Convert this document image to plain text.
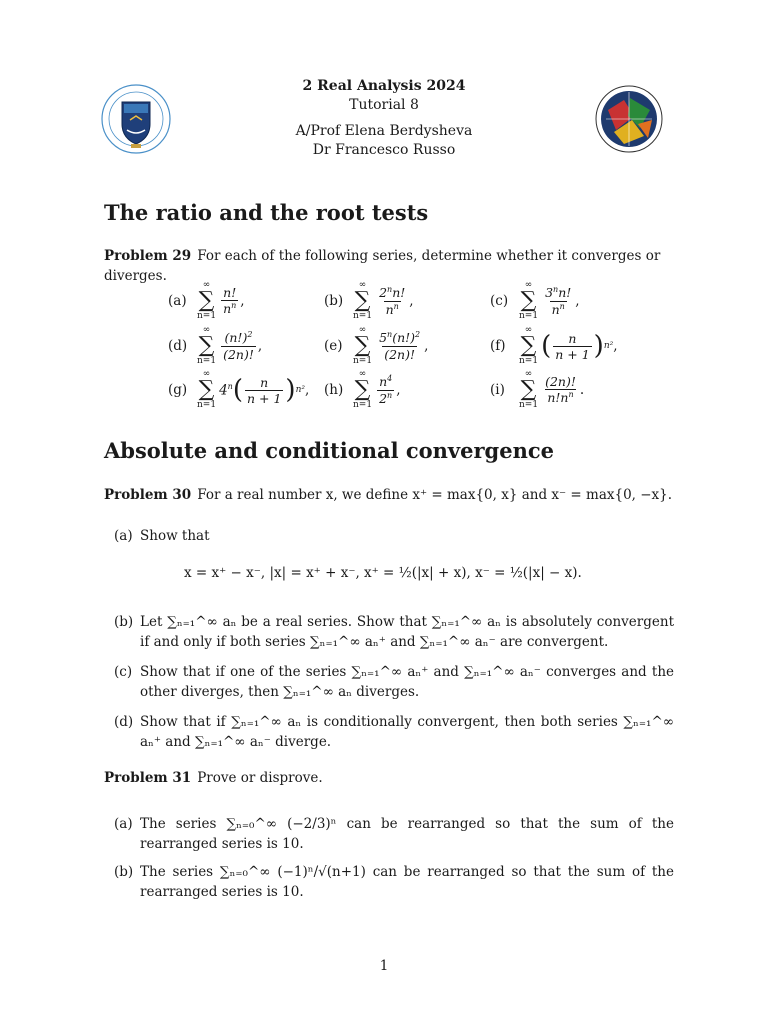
2 Real Analysis 2024
Tutorial 8
A/Prof Elena Berdysheva
Dr Francesco Russo
The ratio and the root tests
Problem 29 For each of the following series, determine whether it converges or diverges.
(a)
∞
∑
$n=1 \frac{n!}{n^n}$ ,	(b)
∞
∑
$n=1 \frac{2^nn!}{n^n}$ ,	(c)
∞
∑
$n=1 \frac{3^nn!}{n^n}$ ,
(d)
∞
∑
$n=1 \frac{(n!)^2}{(2n)!}$ ,	(e)
∞
∑
$n=1 \frac{5^n(n!)^2}{(2n)!}$ ,	(f)
∞
∑
n=1 ( $\frac{n}{n + 1}$ ) n² ,
(g)
∞
∑
n=1
4$^n$ ( $\frac{n}{n + 1}$ ) n² , (h)
∞
∑
$n=1 \frac{n^4}{2^n}$ ,	(i)
∞
∑
$n=1 \frac{(2n)!}{n!n^n}$ .
Absolute and conditional convergence
Problem 30 For a real number x, we define x⁺ = max{0, x} and x⁻ = max{0, −x}.
(a) Show that
x = x⁺ − x⁻, |x| = x⁺ + x⁻, x⁺ = ½(|x| + x), x⁻ = ½(|x| − x).
(b) Let ∑ₙ₌₁^∞ aₙ be a real series. Show that ∑ₙ₌₁^∞ aₙ is absolutely convergent if and only if both series ∑ₙ₌₁^∞ aₙ⁺ and ∑ₙ₌₁^∞ aₙ⁻ are convergent.
(c) Show that if one of the series ∑ₙ₌₁^∞ aₙ⁺ and ∑ₙ₌₁^∞ aₙ⁻ converges and the other diverges, then ∑ₙ₌₁^∞ aₙ diverges.
(d) Show that if ∑ₙ₌₁^∞ aₙ is conditionally convergent, then both series ∑ₙ₌₁^∞ aₙ⁺ and ∑ₙ₌₁^∞ aₙ⁻ diverge.
Problem 31 Prove or disprove.
(a) The series ∑ₙ₌₀^∞ (−2/3)ⁿ can be rearranged so that the sum of the rearranged series is 10.
(b) The series ∑ₙ₌₀^∞ (−1)ⁿ/√(n+1) can be rearranged so that the sum of the rearranged series is 10.
1
